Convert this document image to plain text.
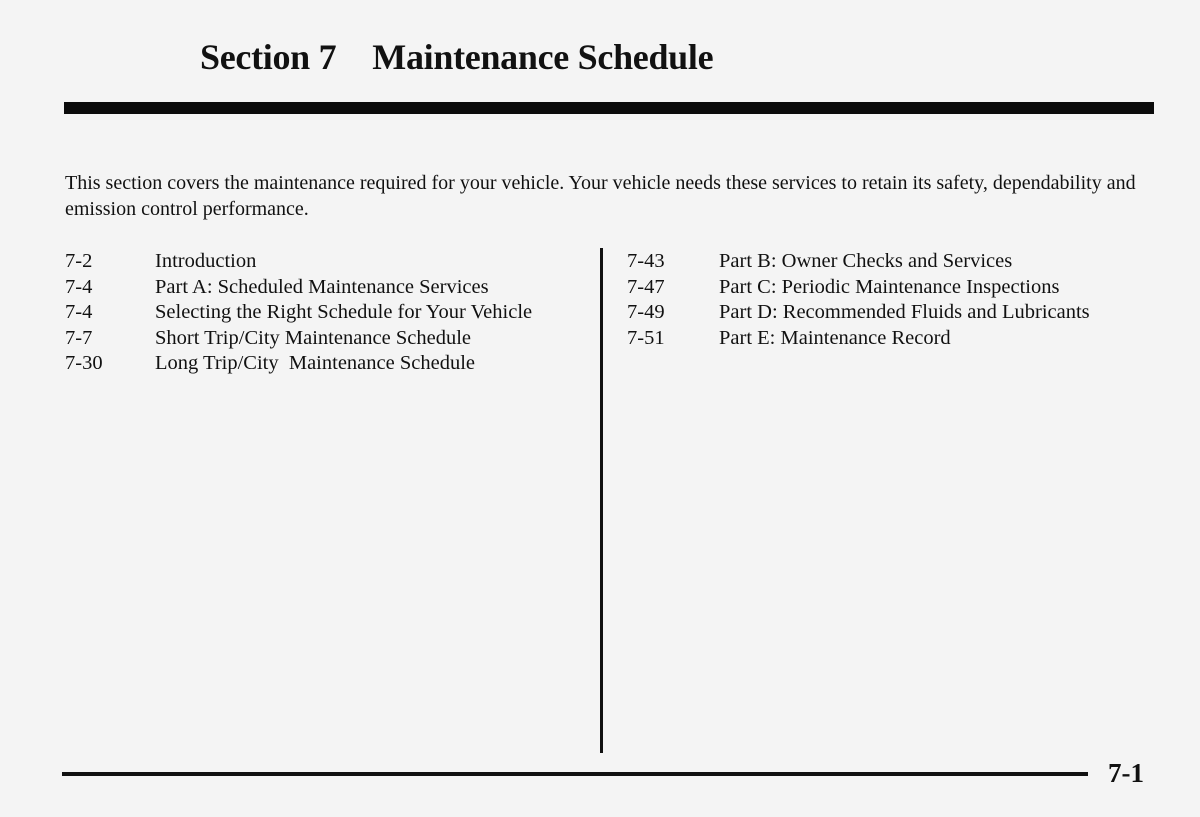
Section 7 Maintenance Schedule
This section covers the maintenance required for your vehicle. Your vehicle needs these services to retain its safety, dependability and emission control performance.
7-2	Introduction
7-4	Part A: Scheduled Maintenance Services
7-4	Selecting the Right Schedule for Your Vehicle
7-7	Short Trip/City Maintenance Schedule
7-30	Long Trip/City  Maintenance Schedule
7-43	Part B: Owner Checks and Services
7-47	Part C: Periodic Maintenance Inspections
7-49	Part D: Recommended Fluids and Lubricants
7-51	Part E: Maintenance Record
7-1
